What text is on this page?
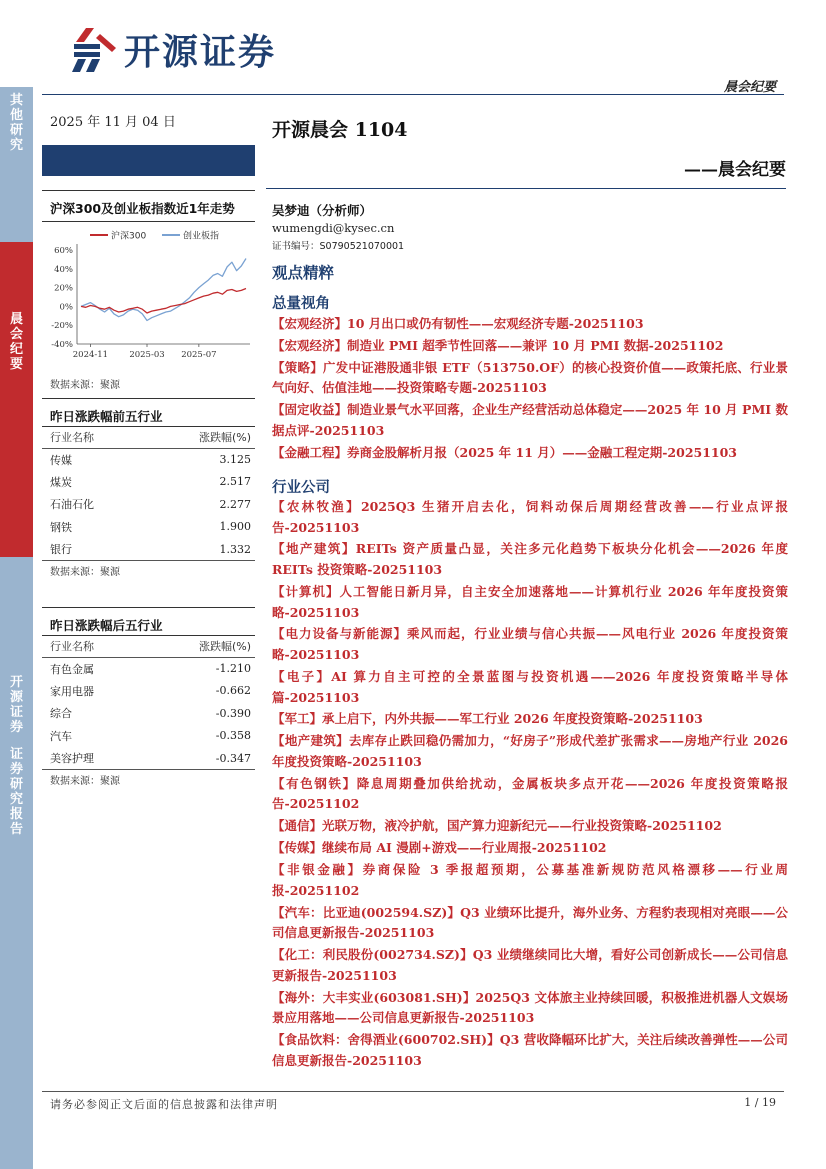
其他研究
晨会纪要
开源证券
证券研究报告
开源证券
晨会纪要
2025 年 11 月 04 日
沪深300及创业板指数近1年走势
沪深300	创业板指
60%
40%
20%
0%
-20%
-40%
2024-11 2025-03 2025-07
数据来源：聚源
昨日涨跌幅前五行业
行业名称	涨跌幅(%)
传媒	3.125
煤炭	2.517
石油石化	2.277
钢铁	1.900
银行	1.332
数据来源：聚源
昨日涨跌幅后五行业
行业名称	涨跌幅(%)
有色金属	-1.210
家用电器	-0.662
综合	-0.390
汽车	-0.358
美容护理	-0.347
数据来源：聚源
开源晨会 1104
——晨会纪要
吴梦迪（分析师）
wumengdi@kysec.cn
证书编号：S0790521070001
观点精粹
总量视角
【宏观经济】10 月出口或仍有韧性——宏观经济专题-20251103
【宏观经济】制造业 PMI 超季节性回落——兼评 10 月 PMI 数据-20251102
【策略】广发中证港股通非银 ETF（513750.OF）的核心投资价值——政策托底、行业景气向好、估值洼地——投资策略专题-20251103
【固定收益】制造业景气水平回落，企业生产经营活动总体稳定——2025 年 10 月 PMI 数据点评-20251103
【金融工程】券商金股解析月报（2025 年 11 月）——金融工程定期-20251103
行业公司
【农林牧渔】2025Q3 生猪开启去化，饲料动保后周期经营改善——行业点评报告-20251103
【地产建筑】REITs 资产质量凸显，关注多元化趋势下板块分化机会——2026 年度 REITs 投资策略-20251103
【计算机】人工智能日新月异，自主安全加速落地——计算机行业 2026 年年度投资策略-20251103
【电力设备与新能源】乘风而起，行业业绩与信心共振——风电行业 2026 年度投资策略-20251103
【电子】AI 算力自主可控的全景蓝图与投资机遇——2026 年度投资策略半导体篇-20251103
【军工】承上启下，内外共振——军工行业 2026 年度投资策略-20251103
【地产建筑】去库存止跌回稳仍需加力，“好房子”形成代差扩张需求——房地产行业 2026 年度投资策略-20251103
【有色钢铁】降息周期叠加供给扰动，金属板块多点开花——2026 年度投资策略报告-20251102
【通信】光联万物，液冷护航，国产算力迎新纪元——行业投资策略-20251102
【传媒】继续布局 AI 漫剧+游戏——行业周报-20251102
【非银金融】券商保险 3 季报超预期，公募基准新规防范风格漂移——行业周报-20251102
【汽车：比亚迪(002594.SZ)】Q3 业绩环比提升，海外业务、方程豹表现相对亮眼——公司信息更新报告-20251103
【化工：利民股份(002734.SZ)】Q3 业绩继续同比大增，看好公司创新成长——公司信息更新报告-20251103
【海外：大丰实业(603081.SH)】2025Q3 文体旅主业持续回暖，积极推进机器人文娱场景应用落地——公司信息更新报告-20251103
【食品饮料：舍得酒业(600702.SH)】Q3 营收降幅环比扩大，关注后续改善弹性——公司信息更新报告-20251103
请务必参阅正文后面的信息披露和法律声明	1 / 19
